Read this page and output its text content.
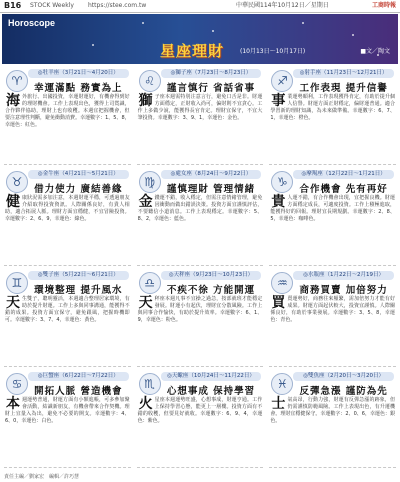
B16 STOCK Weekly https://stee.com.tw	中華民國114年10月12日／星期日	工商時報
Horoscope
星座理財	(10月13日～10月17日)	■文／陶文
♈
◎牡羊座（3月21日～4月20日）
幸運滿點 務實為上
海外旅行、出國投資，幸運財運好，有機會得到好的理財機會。工作上表現出色，獲得上司賞識，合作夥伴協助，理財上也有收穫。本週宜把握機會，但要注意理性判斷，避免衝動消費。幸運數字：1、5、8，幸運色：紅色。
♉
◎金牛座（4月21日～5月21日）
借力使力 廣結善緣
健康狀況需多加注意，本週財運平穩，可透過朋友介紹取得投資資訊。人際關係良好，有貴人相助，適合拓展人脈。理財方面宜穩健，不宜冒險投資。幸運數字：2、6、9，幸運色：綠色。
♊
◎雙子座（5月22日～6月21日）
環境整理 提升風水
天生雙子，聰明靈活，本週適合整理居家環境，有助於提升財運。工作上多與同事溝通，能獲得不錯的成果。投資方面宜保守，避免跟風，把握時機即可。幸運數字：3、7、4，幸運色：黃色。
♋
◎巨蟹座（6月22日～7月22日）
開拓人脈 營造機會
本週運勢普通，財運方面有小額進帳，可多參加聚會活動，結識新朋友，有機會帶來合作契機。理財上宜量入為出，避免不必要的開支。幸運數字：4、6、0，幸運色：白色。
♌
◎獅子座（7月23日～8月23日）
謹言慎行 省話省事
獅子座本週需特別注意言行，避免口舌是非。財運方面穩定，正財收入尚可，偏財則不宜貪心。工作上多做少說，能獲得長官肯定。理財宜保守，不宜大筆投資。幸運數字：3、9、1，幸運色：金色。
♍
◎處女座（8月24日～9月22日）
謹慎理財 管理情緒
金錢運不錯，收入穩定，但需注意情緒管理，避免因衝動而做出錯誤決策。投資方面宜謹慎評估，不要聽信小道消息。工作上表現穩定。幸運數字：5、8、2，幸運色：藍色。
♎
◎天秤座（9月23日～10月23日）
不疾不徐 方能開運
天秤座本週凡事不宜操之過急，按部就班才能穩定發展。財運小有起伏，理財宜分散風險。工作上與同事合作愉快，有助於提升效率。幸運數字：6、1、9，幸運色：粉色。
♏
◎天蠍座（10月24日～11月22日）
心想事成 保持學習
火星座本週運勢旺盛，心想事成，財運亨通。工作上保持學習心態，能更上一層樓。投資方面有不錯的收穫，但要見好就收。幸運數字：6、9、4，幸運色：紫色。
♐
◎射手座（11月23日～12月21日）
工作表現 提升信譽
事業運勢順利，工作表現獲得肯定，有助於提升個人信譽。財運方面正財穩定，偏財運普通。適合學習新的理財知識，為未來做準備。幸運數字：6、7、1，幸運色：橙色。
♑
◎摩羯座（12月22日～1月21日）
合作機會 先有再好
貴人運不錯，有合作機會出現，宜把握良機。財運方面穩定成長，可適度投資。工作上積極進取，能獲得好的回報。理財宜長期規劃。幸運數字：2、8、5，幸運色：咖啡色。
♒
◎水瓶座（1月22日～2月19日）
商務買賣 加倍努力
買賣運勢好，商務往來頻繁，需加倍努力才能有好成果。財運方面起伏較大，投資宜謹慎。人際關係良好，有助於事業發展。幸運數字：3、5、8，幸運色：青色。
♓
◎雙魚座（2月20日～3月20日）
反彈急漲 謹防為先
士氣高昂，行動力強，財運有反彈急漲的跡象，但仍需謹慎防範風險。工作上表現出色，有升遷機會。理財宜穩健保守。幸運數字：2、0、6，幸運色：銀色。
責任主編／劉家宏　編輯／許巧慧
